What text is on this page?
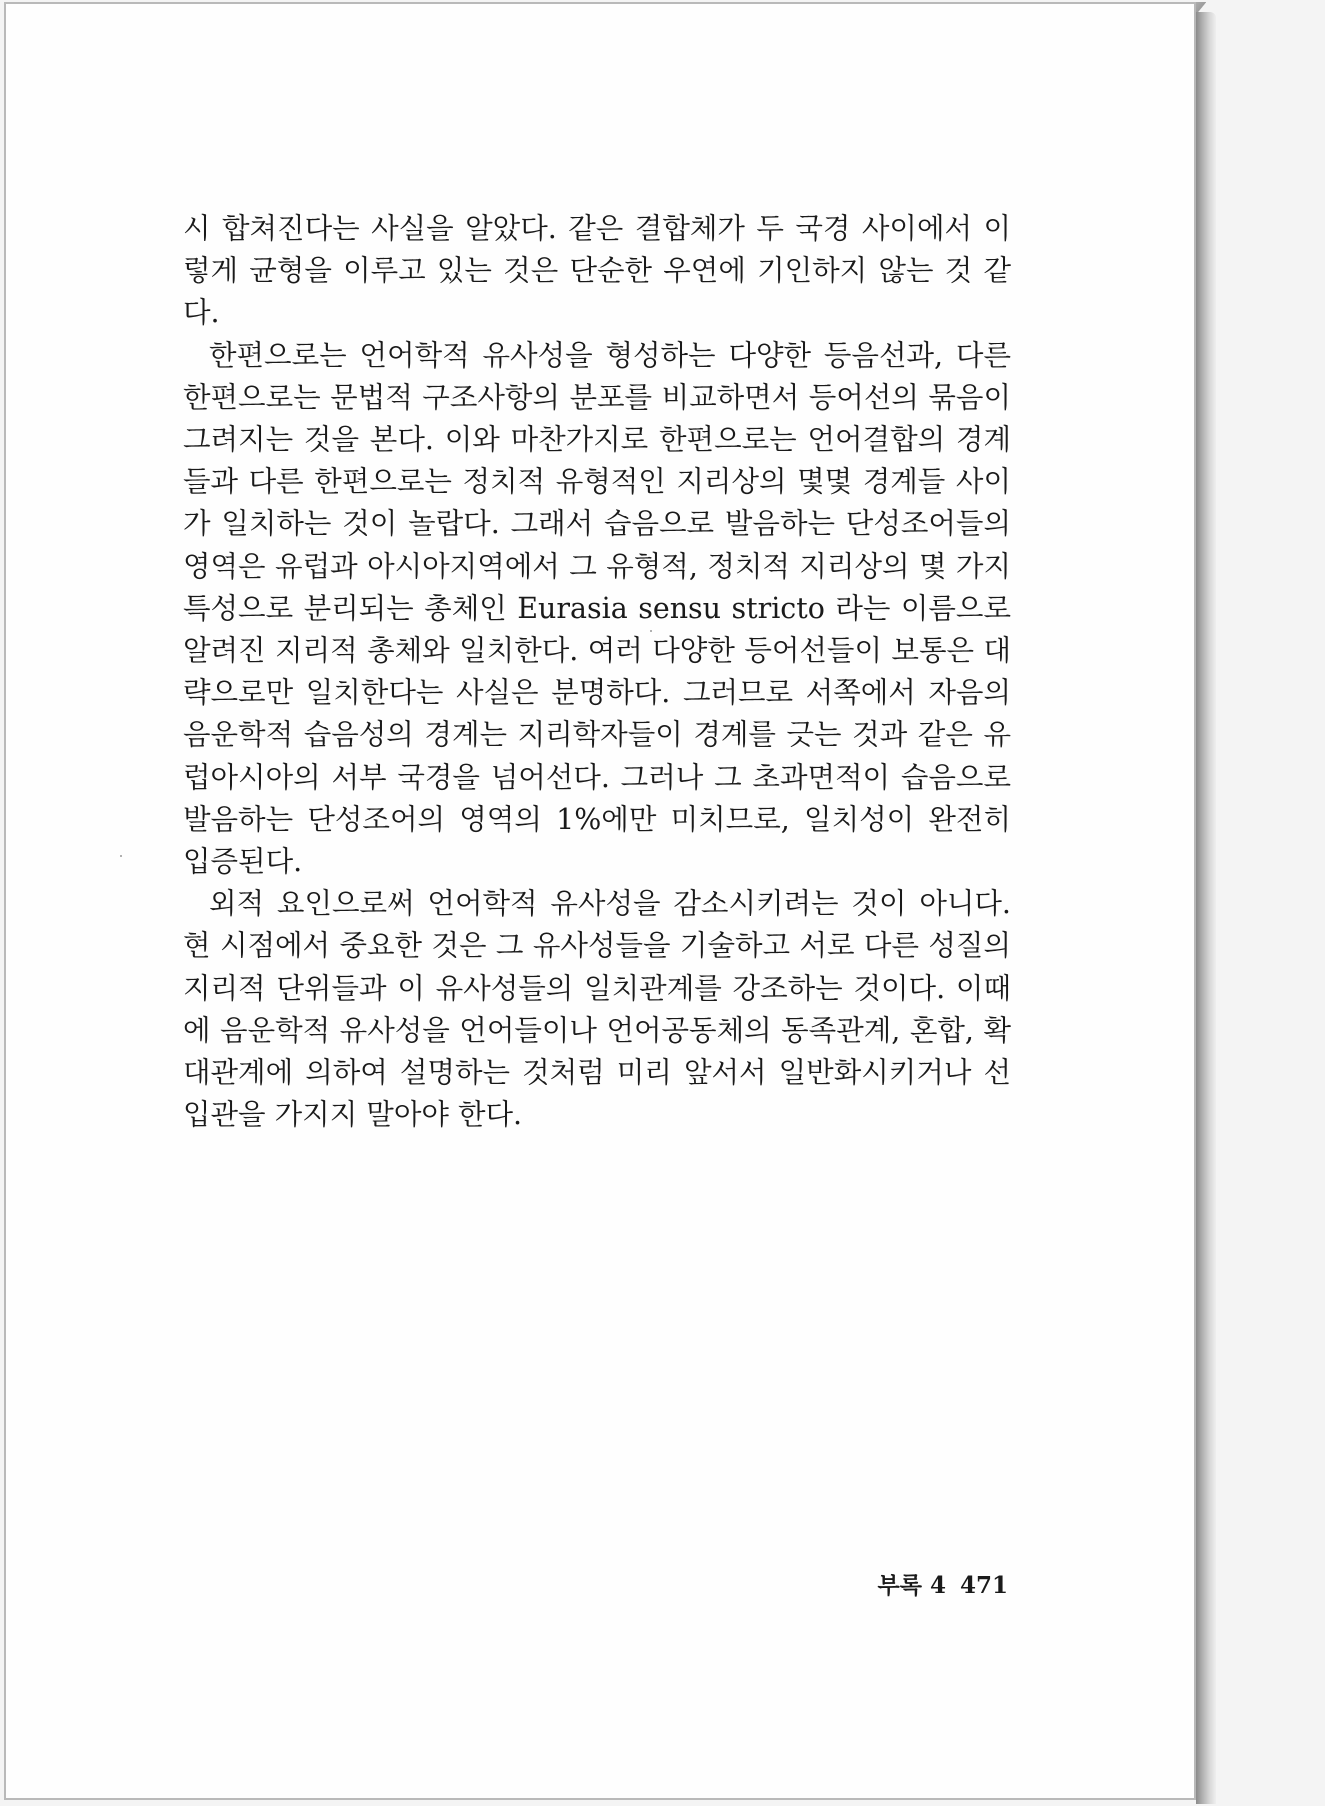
시 합쳐진다는 사실을 알았다. 같은 결합체가 두 국경 사이에서 이렇게 균형을 이루고 있는 것은 단순한 우연에 기인하지 않는 것 같다.

한편으로는 언어학적 유사성을 형성하는 다양한 등음선과, 다른 한편으로는 문법적 구조사항의 분포를 비교하면서 등어선의 묶음이 그려지는 것을 본다. 이와 마찬가지로 한편으로는 언어결합의 경계들과 다른 한편으로는 정치적 유형적인 지리상의 몇몇 경계들 사이가 일치하는 것이 놀랍다. 그래서 습음으로 발음하는 단성조어들의 영역은 유럽과 아시아지역에서 그 유형적, 정치적 지리상의 몇 가지 특성으로 분리되는 총체인 Eurasia sensu stricto 라는 이름으로 알려진 지리적 총체와 일치한다. 여러 다양한 등어선들이 보통은 대략으로만 일치한다는 사실은 분명하다. 그러므로 서쪽에서 자음의 음운학적 습음성의 경계는 지리학자들이 경계를 긋는 것과 같은 유럽아시아의 서부 국경을 넘어선다. 그러나 그 초과면적이 습음으로 발음하는 단성조어의 영역의 1%에만 미치므로, 일치성이 완전히 입증된다.

외적 요인으로써 언어학적 유사성을 감소시키려는 것이 아니다. 현 시점에서 중요한 것은 그 유사성들을 기술하고 서로 다른 성질의 지리적 단위들과 이 유사성들의 일치관계를 강조하는 것이다. 이때에 음운학적 유사성을 언어들이나 언어공동체의 동족관계, 혼합, 확대관계에 의하여 설명하는 것처럼 미리 앞서서 일반화시키거나 선입관을 가지지 말아야 한다.

부록 4 471
